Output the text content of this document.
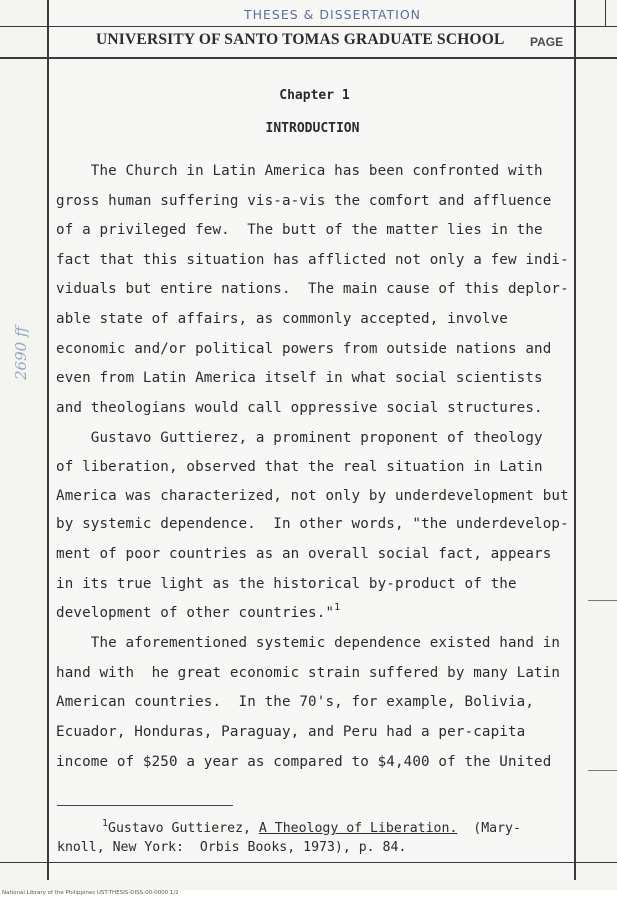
THESES & DISSERTATION
UNIVERSITY OF SANTO TOMAS GRADUATE SCHOOL PAGE
Chapter 1
INTRODUCTION
The Church in Latin America has been confronted with
gross human suffering vis-a-vis the comfort and affluence
of a privileged few.  The butt of the matter lies in the
fact that this situation has afflicted not only a few indi-
viduals but entire nations.  The main cause of this deplor-
able state of affairs, as commonly accepted, involve
economic and/or political powers from outside nations and
even from Latin America itself in what social scientists
and theologians would call oppressive social structures.
Gustavo Guttierez, a prominent proponent of theology
of liberation, observed that the real situation in Latin
America was characterized, not only by underdevelopment but
by systemic dependence.  In other words, "the underdevelop-
ment of poor countries as an overall social fact, appears
in its true light as the historical by-product of the
development of other countries."$^1$
The aforementioned systemic dependence existed hand in
hand with  he great economic strain suffered by many Latin
American countries.  In the 70's, for example, Bolivia,
Ecuador, Honduras, Paraguay, and Peru had a per-capita
income of $250 a year as compared to $4,400 of the United
$^1$Gustavo Guttierez, A Theology of Liberation.  (Mary-
knoll, New York:  Orbis Books, 1973), p. 84.
2690 ff
National Library of the Philippines UST-THESIS-DISS-00-0000 1/2
